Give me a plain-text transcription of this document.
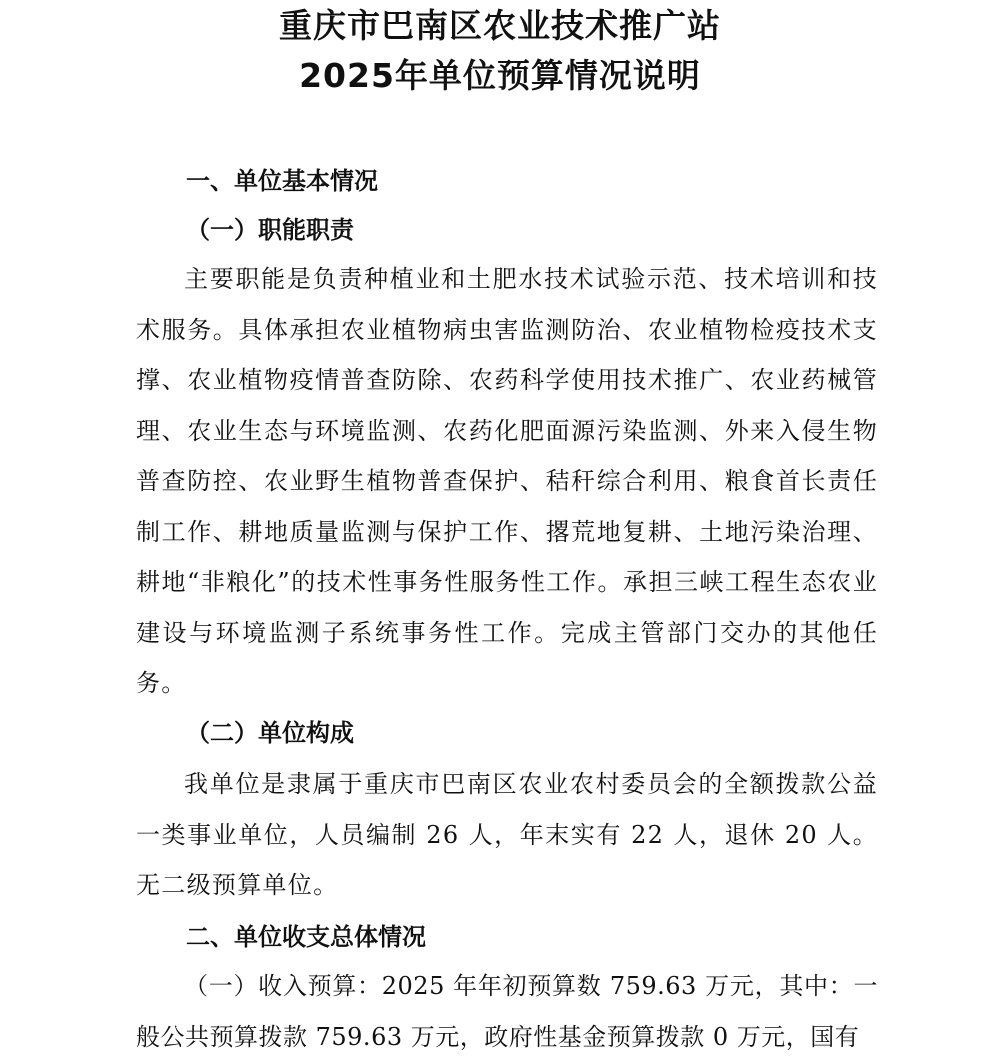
重庆市巴南区农业技术推广站
2025年单位预算情况说明
一、单位基本情况
（一）职能职责

主要职能是负责种植业和土肥水技术试验示范、技术培训和技术服务。具体承担农业植物病虫害监测防治、农业植物检疫技术支撑、农业植物疫情普查防除、农药科学使用技术推广、农业药械管理、农业生态与环境监测、农药化肥面源污染监测、外来入侵生物普查防控、农业野生植物普查保护、秸秆综合利用、粮食首长责任制工作、耕地质量监测与保护工作、撂荒地复耕、土地污染治理、耕地“非粮化”的技术性事务性服务性工作。承担三峡工程生态农业建设与环境监测子系统事务性工作。完成主管部门交办的其他任务。

（二）单位构成

我单位是隶属于重庆市巴南区农业农村委员会的全额拨款公益一类事业单位，人员编制 26 人，年末实有 22 人，退休 20 人。无二级预算单位。

二、单位收支总体情况

（一）收入预算：2025 年年初预算数 759.63 万元，其中：一般公共预算拨款 759.63 万元，政府性基金预算拨款 0 万元，国有
